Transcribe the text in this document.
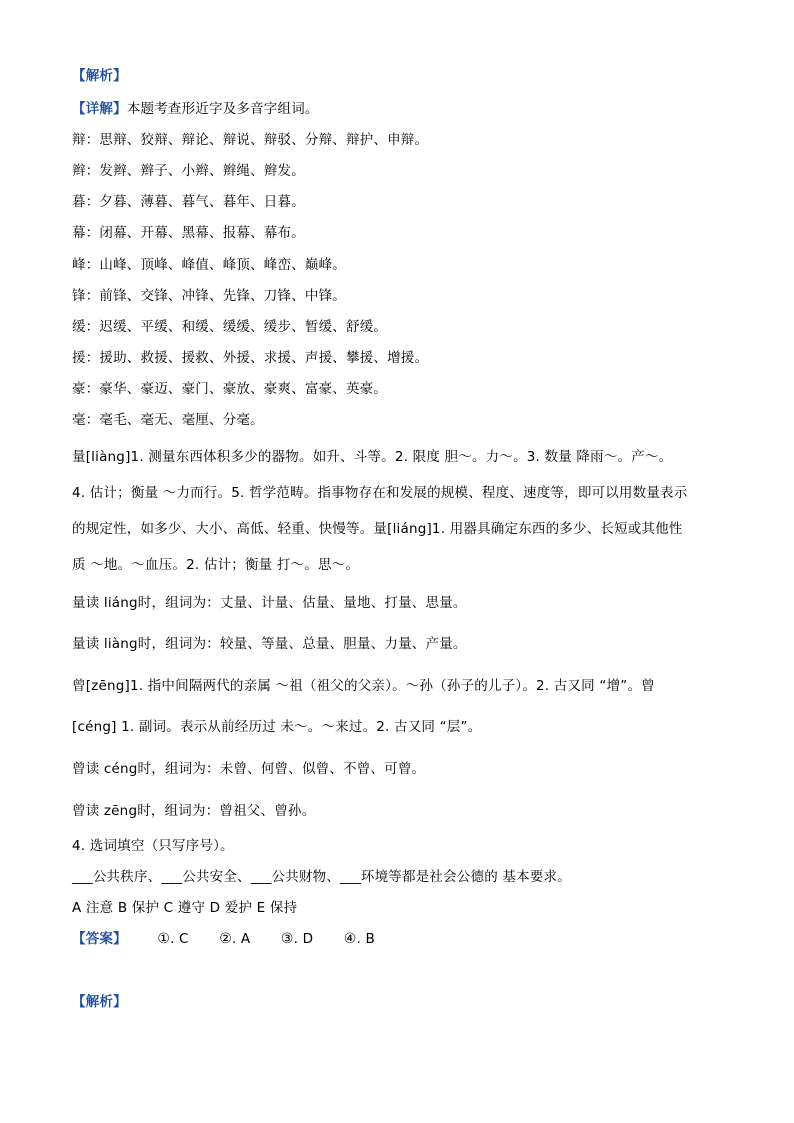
【解析】
【详解】本题考查形近字及多音字组词。
辩：思辩、狡辩、辩论、辩说、辩驳、分辩、辩护、申辩。
辫：发辫、辫子、小辫、辫绳、辫发。
暮：夕暮、薄暮、暮气、暮年、日暮。
幕：闭幕、开幕、黑幕、报幕、幕布。
峰：山峰、顶峰、峰值、峰顶、峰峦、巅峰。
锋：前锋、交锋、冲锋、先锋、刀锋、中锋。
缓：迟缓、平缓、和缓、缓缓、缓步、暂缓、舒缓。
援：援助、救援、援救、外援、求援、声援、攀援、增援。
豪：豪华、豪迈、豪门、豪放、豪爽、富豪、英豪。
毫：毫毛、毫无、毫厘、分毫。
量[liàng]1. 测量东西体积多少的器物。如升、斗等。2. 限度 胆～。力～。3. 数量 降雨～。产～。
4. 估计；衡量 ～力而行。5. 哲学范畴。指事物存在和发展的规模、程度、速度等，即可以用数量表示
的规定性，如多少、大小、高低、轻重、快慢等。量[liáng]1. 用器具确定东西的多少、长短或其他性
质 ～地。～血压。2. 估计；衡量 打～。思～。
量读 liáng时，组词为：丈量、计量、估量、量地、打量、思量。
量读 liàng时，组词为：较量、等量、总量、胆量、力量、产量。
曾[zēng]1. 指中间隔两代的亲属 ～祖（祖父的父亲）。～孙（孙子的儿子）。2. 古又同 “增”。曾
[céng] 1. 副词。表示从前经历过 未～。～来过。2. 古又同 “层”。
曾读 céng时，组词为：未曾、何曾、似曾、不曾、可曾。
曾读 zēng时，组词为：曾祖父、曾孙。
4. 选词填空（只写序号）。
___公共秩序、___公共安全、___公共财物、___环境等都是社会公德的 基本要求。
A 注意 B 保护 C 遵守 D 爱护 E 保持
【答案】 ①. C ②. A ③. D ④. B
【解析】
